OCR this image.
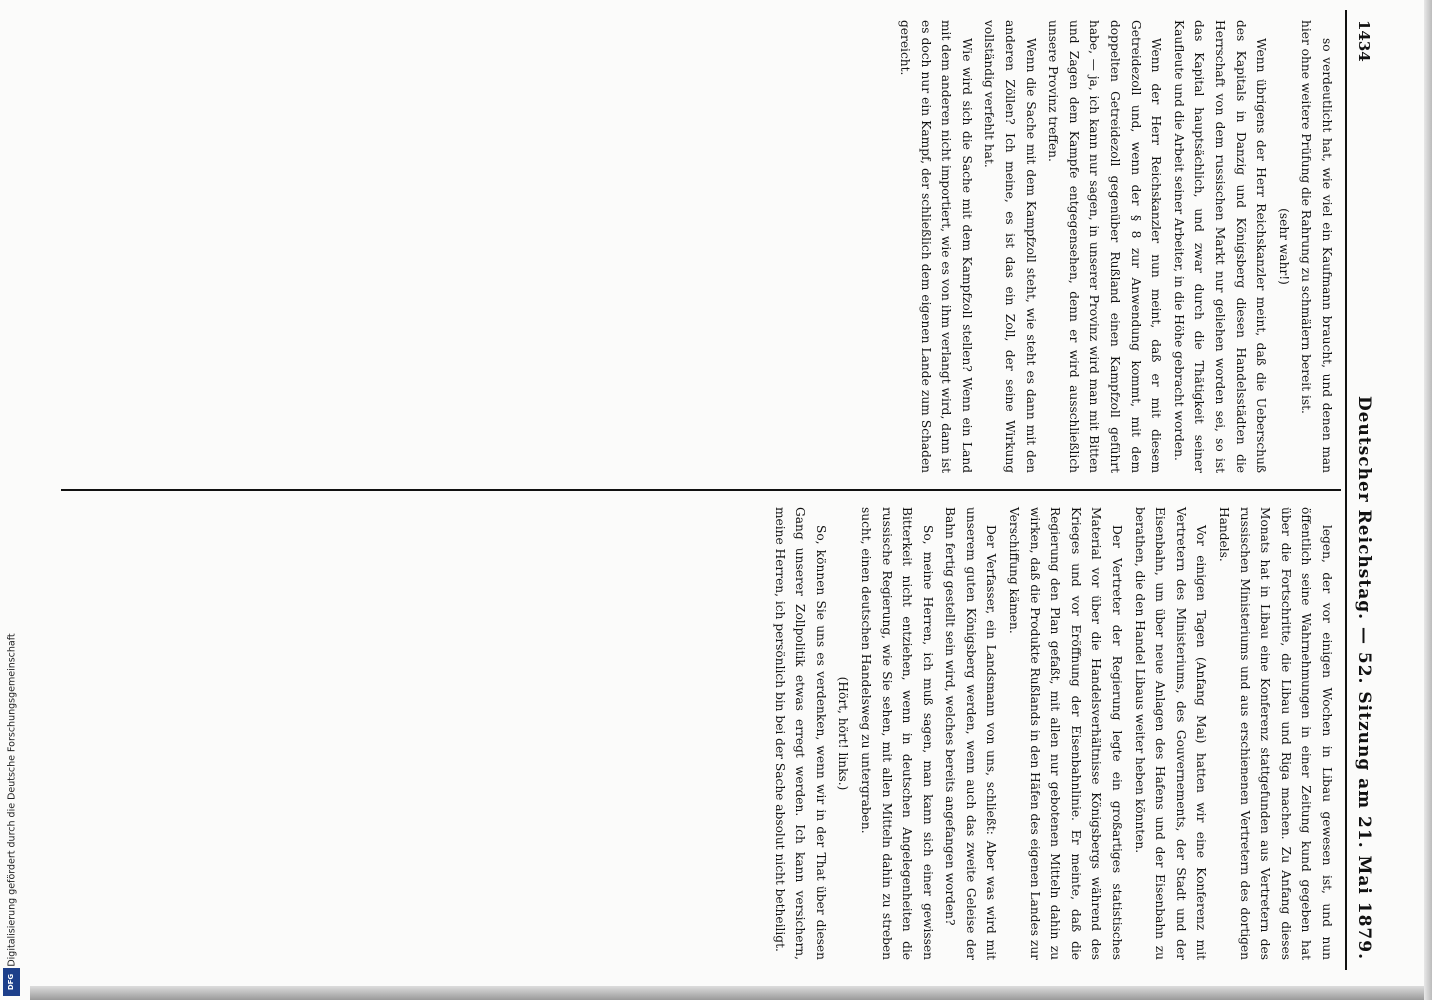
1434
Deutscher Reichstag. — 52. Sitzung am 21. Mai 1879.

so verdeutlicht hat, wie viel ein Kaufmann braucht, und denen man hier ohne weitere Prüfung die Rahrung zu schmälern bereit ist.

(sehr wahr!)

Wenn übrigens der Herr Reichskanzler meint, daß die Ueberschuß des Kapitals in Danzig und Königsberg diesen Handelsstädten die Herrschaft von dem russischen Markt nur geliehen worden sei, so ist das Kapital hauptsächlich, und zwar durch die Thätigkeit seiner Kaufleute und die Arbeit seiner Arbeiter, in die Höhe gebracht worden.

Wenn der Herr Reichskanzler nun meint, daß er mit diesem Getreidezoll und, wenn der § 8 zur Anwendung kommt, mit dem doppelten Getreidezoll gegenüber Rußland einen Kampfzoll geführt habe, — ja, ich kann nur sagen, in unserer Provinz wird man mit Bitten und Zagen dem Kampfe entgegensehen, denn er wird ausschließlich unsere Provinz treffen.

Wenn die Sache mit dem Kampfzoll steht, wie steht es dann mit den anderen Zöllen? Ich meine, es ist das ein Zoll, der seine Wirkung vollständig verfehlt hat.

Wie wird sich die Sache mit dem Kampfzoll stellen? Wenn ein Land mit dem anderen nicht importiert, wie es von ihm verlangt wird, dann ist es doch nur ein Kampf, der schließlich dem eigenen Lande zum Schaden gereicht.

legen, der vor einigen Wochen in Libau gewesen ist, und nun öffentlich seine Wahrnehmungen in einer Zeitung kund gegeben hat über die Fortschritte, die Libau und Riga machen. Zu Anfang dieses Monats hat in Libau eine Konferenz stattgefunden aus Vertretern des russischen Ministeriums und aus erschienenen Vertretern des dortigen Handels.

Vor einigen Tagen (Anfang Mai) hatten wir eine Konferenz mit Vertretern des Ministeriums, des Gouvernements, der Stadt und der Eisenbahn, um über neue Anlagen des Hafens und der Eisenbahn zu berathen, die den Handel Libaus weiter heben könnten.

Der Vertreter der Regierung legte ein großartiges statistisches Material vor über die Handelsverhältnisse Königsbergs während des Krieges und vor Eröffnung der Eisenbahnlinie. Er meinte, daß die Regierung den Plan gefaßt, mit allen nur gebotenen Mitteln dahin zu wirken, daß die Produkte Rußlands in den Häfen des eigenen Landes zur Verschiffung kämen.

Der Verfasser, ein Landsmann von uns, schließt: Aber was wird mit unserem guten Königsberg werden, wenn auch das zweite Geleise der Bahn fertig gestellt sein wird, welches bereits angefangen worden?

So, meine Herren, ich muß sagen, man kann sich einer gewissen Bitterkeit nicht entziehen, wenn in deutschen Angelegenheiten die russische Regierung, wie Sie sehen, mit allen Mitteln dahin zu streben sucht, einen deutschen Handelsweg zu untergraben.

(Hört, hört! links.)

So, können Sie uns es verdenken, wenn wir in der That über diesen Gang unserer Zollpolitik etwas erregt werden. Ich kann versichern, meine Herren, ich persönlich bin bei der Sache absolut nicht betheiligt.

Digitalisierung gefördert durch die Deutsche Forschungsgemeinschaft
DFG
